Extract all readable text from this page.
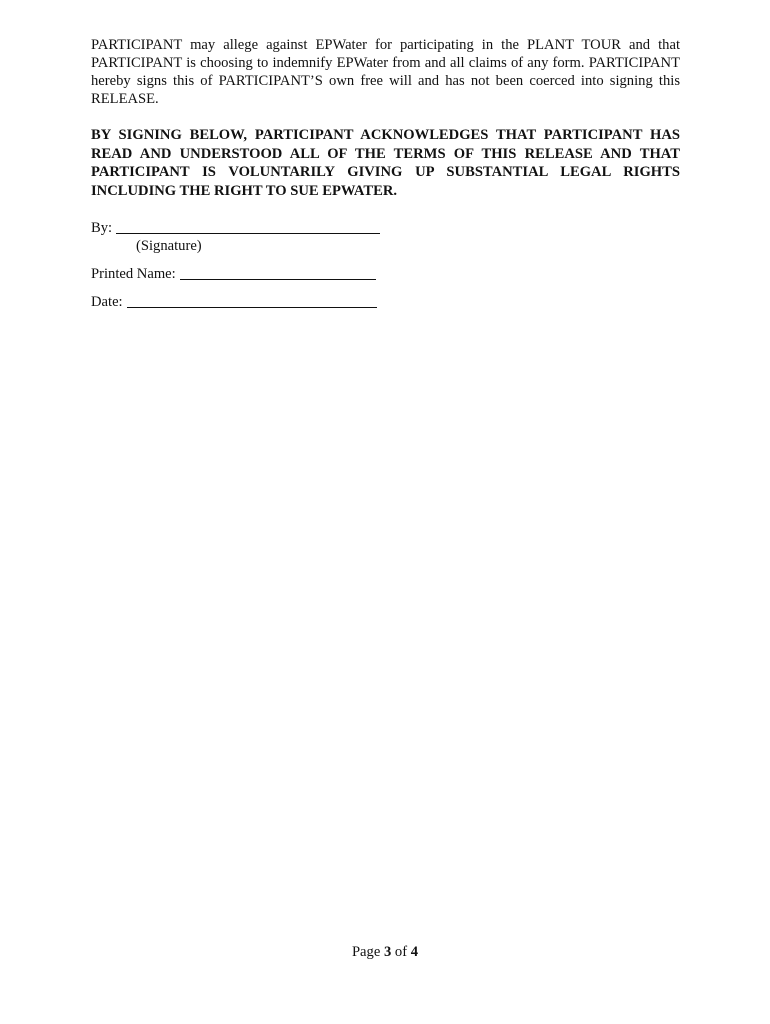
PARTICIPANT may allege against EPWater for participating in the PLANT TOUR and that PARTICIPANT is choosing to indemnify EPWater from and all claims of any form. PARTICIPANT hereby signs this of PARTICIPANT’S own free will and has not been coerced into signing this RELEASE.

BY SIGNING BELOW, PARTICIPANT ACKNOWLEDGES THAT PARTICIPANT HAS READ AND UNDERSTOOD ALL OF THE TERMS OF THIS RELEASE AND THAT PARTICIPANT IS VOLUNTARILY GIVING UP SUBSTANTIAL LEGAL RIGHTS INCLUDING THE RIGHT TO SUE EPWATER.

By:
(Signature)
Printed Name:
Date:
Page 3 of 4
